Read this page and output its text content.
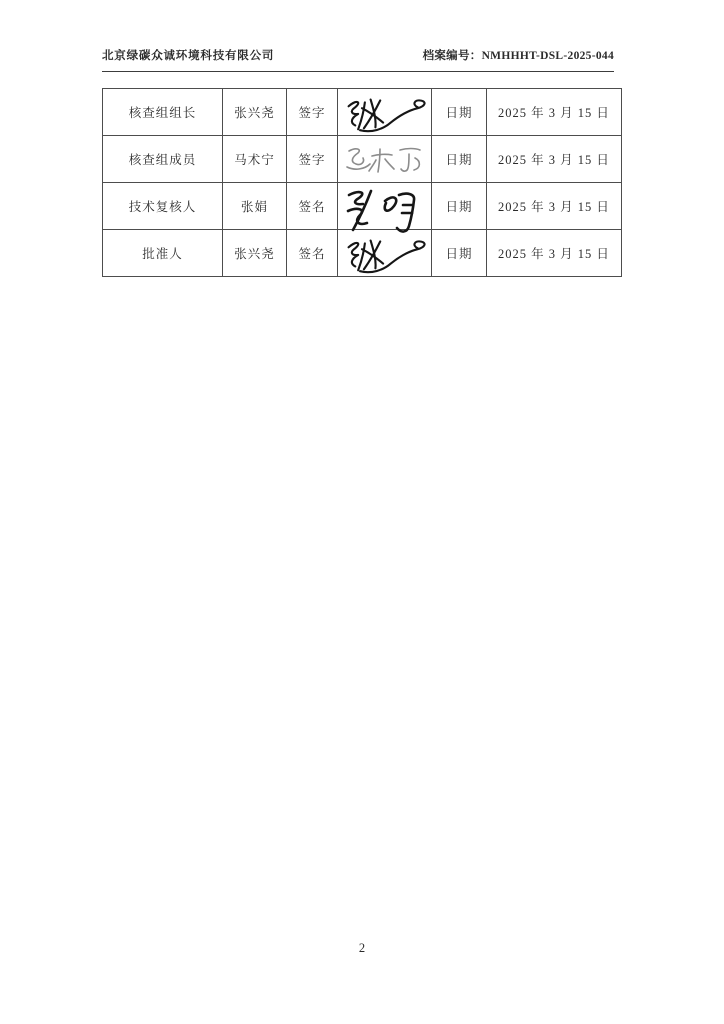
北京绿碳众诚环境科技有限公司	档案编号：NMHHHT-DSL-2025-044
核查组组长	张兴尧	签字		日期	2025 年 3 月 15 日
核查组成员	马术宁	签字		日期	2025 年 3 月 15 日
技术复核人	张娟	签名		日期	2025 年 3 月 15 日
批准人	张兴尧	签名		日期	2025 年 3 月 15 日
2
